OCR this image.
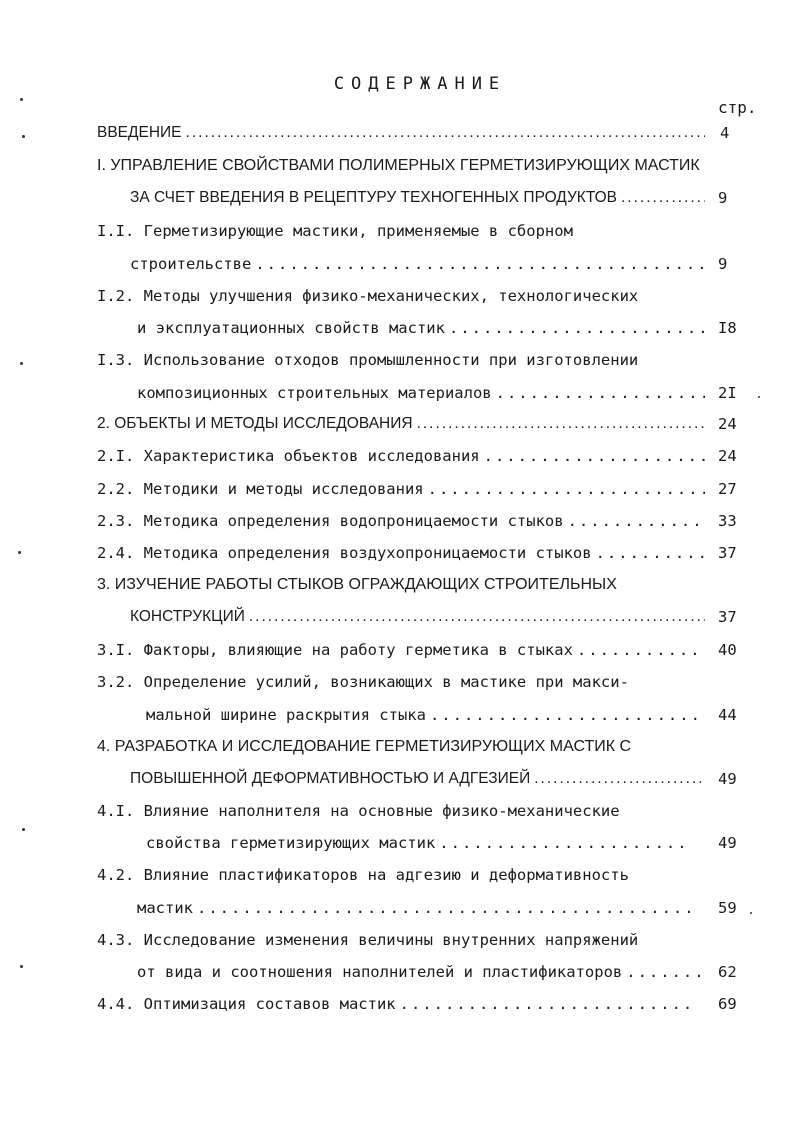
СОДЕРЖАНИЕ
стр.
ВВЕДЕНИЕ .....	4
I. УПРАВЛЕНИЕ СВОЙСТВАМИ ПОЛИМЕРНЫХ ГЕРМЕТИЗИРУЮЩИХ МАСТИК
ЗА СЧЕТ ВВЕДЕНИЯ В РЕЦЕПТУРУ ТЕХНОГЕННЫХ ПРОДУКТОВ .....	9
I.I. Герметизирующие мастики, применяемые в сборном
строительстве .....	9
I.2. Методы улучшения физико-механических, технологических
и эксплуатационных свойств мастик .....	I8
I.3. Использование отходов промышленности при изготовлении
композиционных строительных материалов .....	2I
2. ОБЪЕКТЫ И МЕТОДЫ ИССЛЕДОВАНИЯ .....	24
2.I. Характеристика объектов исследования .....	24
2.2. Методики и методы исследования .....	27
2.3. Методика определения водопроницаемости стыков .....	33
2.4. Методика определения воздухопроницаемости стыков .....	37
3. ИЗУЧЕНИЕ РАБОТЫ СТЫКОВ ОГРАЖДАЮЩИХ СТРОИТЕЛЬНЫХ
КОНСТРУКЦИЙ .....	37
3.I. Факторы, влияющие на работу герметика в стыках .....	40
3.2. Определение усилий, возникающих в мастике при макси-
мальной ширине раскрытия стыка .....	44
4. РАЗРАБОТКА И ИССЛЕДОВАНИЕ ГЕРМЕТИЗИРУЮЩИХ МАСТИК С
ПОВЫШЕННОЙ ДЕФОРМАТИВНОСТЬЮ И АДГЕЗИЕЙ .....	49
4.I. Влияние наполнителя на основные физико-механические
свойства герметизирующих мастик .....	49
4.2. Влияние пластификаторов на адгезию и деформативность
мастик .....	59
4.3. Исследование изменения величины внутренних напряжений
от вида и соотношения наполнителей и пластификаторов .....	62
4.4. Оптимизация составов мастик .....	69
